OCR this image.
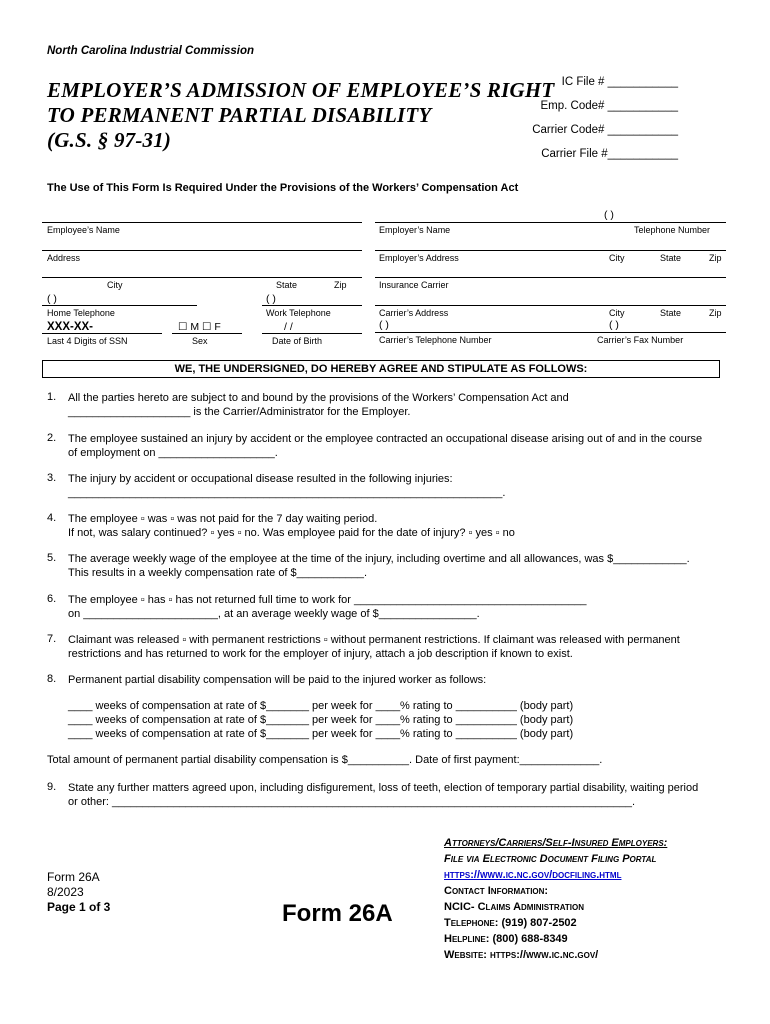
North Carolina Industrial Commission
EMPLOYER’S ADMISSION OF EMPLOYEE’S RIGHT
TO PERMANENT PARTIAL DISABILITY
(G.S. § 97-31)
IC File # ___________
Emp. Code# ___________
Carrier Code# ___________
Carrier File #___________
The Use of This Form Is Required Under the Provisions of the Workers’ Compensation Act
Employee’s Name
Address
City	State	Zip
( )	( )
Home Telephone	Work Telephone
XXX-XX-	☐ M ☐ F	/ /
Last 4 Digits of SSN	Sex	Date of Birth
( )
Employer’s Name	Telephone Number
Employer’s Address	City	State	Zip
Insurance Carrier
Carrier’s Address	City	State	Zip
( )	( )
Carrier’s Telephone Number	Carrier’s Fax Number
WE, THE UNDERSIGNED, DO HEREBY AGREE AND STIPULATE AS FOLLOWS:
1. All the parties hereto are subject to and bound by the provisions of the Workers’ Compensation Act and
____________________ is the Carrier/Administrator for the Employer.
2. The employee sustained an injury by accident or the employee contracted an occupational disease arising out of and in the course
of employment on ___________________.
3. The injury by accident or occupational disease resulted in the following injuries:
_______________________________________________________________________.
4. The employee ▫ was ▫ was not paid for the 7 day waiting period.
If not, was salary continued? ▫ yes ▫ no. Was employee paid for the date of injury? ▫ yes ▫ no
5. The average weekly wage of the employee at the time of the injury, including overtime and all allowances, was $____________.
This results in a weekly compensation rate of $___________.
6. The employee ▫ has ▫ has not returned full time to work for ______________________________________
on ______________________, at an average weekly wage of $________________.
7. Claimant was released ▫ with permanent restrictions ▫ without permanent restrictions. If claimant was released with permanent
restrictions and has returned to work for the employer of injury, attach a job description if known to exist.
8. Permanent partial disability compensation will be paid to the injured worker as follows:
____ weeks of compensation at rate of $_______ per week for ____% rating to __________ (body part)
____ weeks of compensation at rate of $_______ per week for ____% rating to __________ (body part)
____ weeks of compensation at rate of $_______ per week for ____% rating to __________ (body part)
Total amount of permanent partial disability compensation is $__________. Date of first payment:_____________.
9. State any further matters agreed upon, including disfigurement, loss of teeth, election of temporary partial disability, waiting period
or other: _____________________________________________________________________________________.
Form 26A
8/2023
Page 1 of 3	Form 26A
Attorneys/Carriers/Self-Insured Employers:
File via Electronic Document Filing Portal
https://www.ic.nc.gov/docfiling.html
Contact Information:
NCIC- Claims Administration
Telephone: (919) 807-2502
Helpline: (800) 688-8349
Website: https://www.ic.nc.gov/
